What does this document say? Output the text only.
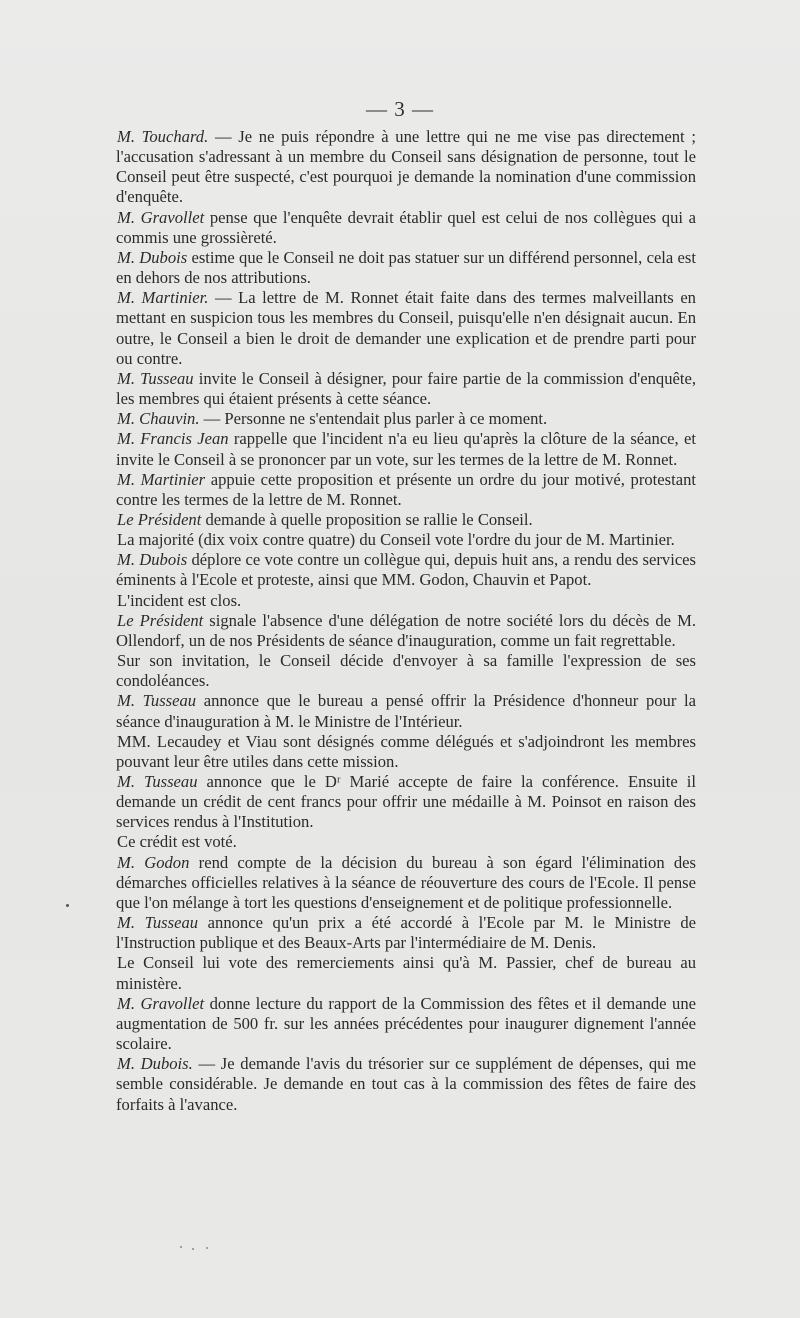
— 3 —

M. Touchard. — Je ne puis répondre à une lettre qui ne me vise pas directement ; l'accusation s'adressant à un membre du Conseil sans désignation de personne, tout le Conseil peut être suspecté, c'est pourquoi je demande la nomination d'une commission d'enquête.

M. Gravollet pense que l'enquête devrait établir quel est celui de nos collègues qui a commis une grossièreté.

M. Dubois estime que le Conseil ne doit pas statuer sur un différend personnel, cela est en dehors de nos attributions.

M. Martinier. — La lettre de M. Ronnet était faite dans des termes malveillants en mettant en suspicion tous les membres du Conseil, puisqu'elle n'en désignait aucun. En outre, le Conseil a bien le droit de demander une explication et de prendre parti pour ou contre.

M. Tusseau invite le Conseil à désigner, pour faire partie de la commission d'enquête, les membres qui étaient présents à cette séance.

M. Chauvin. — Personne ne s'entendait plus parler à ce moment.

M. Francis Jean rappelle que l'incident n'a eu lieu qu'après la clôture de la séance, et invite le Conseil à se prononcer par un vote, sur les termes de la lettre de M. Ronnet.

M. Martinier appuie cette proposition et présente un ordre du jour motivé, protestant contre les termes de la lettre de M. Ronnet.

Le Président demande à quelle proposition se rallie le Conseil.

La majorité (dix voix contre quatre) du Conseil vote l'ordre du jour de M. Martinier.

M. Dubois déplore ce vote contre un collègue qui, depuis huit ans, a rendu des services éminents à l'Ecole et proteste, ainsi que MM. Godon, Chauvin et Papot.

L'incident est clos.

Le Président signale l'absence d'une délégation de notre société lors du décès de M. Ollendorf, un de nos Présidents de séance d'inauguration, comme un fait regrettable.

Sur son invitation, le Conseil décide d'envoyer à sa famille l'expression de ses condoléances.

M. Tusseau annonce que le bureau a pensé offrir la Présidence d'honneur pour la séance d'inauguration à M. le Ministre de l'Intérieur.

MM. Lecaudey et Viau sont désignés comme délégués et s'adjoindront les membres pouvant leur être utiles dans cette mission.

M. Tusseau annonce que le Dʳ Marié accepte de faire la conférence. Ensuite il demande un crédit de cent francs pour offrir une médaille à M. Poinsot en raison des services rendus à l'Institution.

Ce crédit est voté.

M. Godon rend compte de la décision du bureau à son égard l'élimination des démarches officielles relatives à la séance de réouverture des cours de l'Ecole. Il pense que l'on mélange à tort les questions d'enseignement et de politique professionnelle.

M. Tusseau annonce qu'un prix a été accordé à l'Ecole par M. le Ministre de l'Instruction publique et des Beaux-Arts par l'intermédiaire de M. Denis.

Le Conseil lui vote des remerciements ainsi qu'à M. Passier, chef de bureau au ministère.

M. Gravollet donne lecture du rapport de la Commission des fêtes et il demande une augmentation de 500 fr. sur les années précédentes pour inaugurer dignement l'année scolaire.

M. Dubois. — Je demande l'avis du trésorier sur ce supplément de dépenses, qui me semble considérable. Je demande en tout cas à la commission des fêtes de faire des forfaits à l'avance.
